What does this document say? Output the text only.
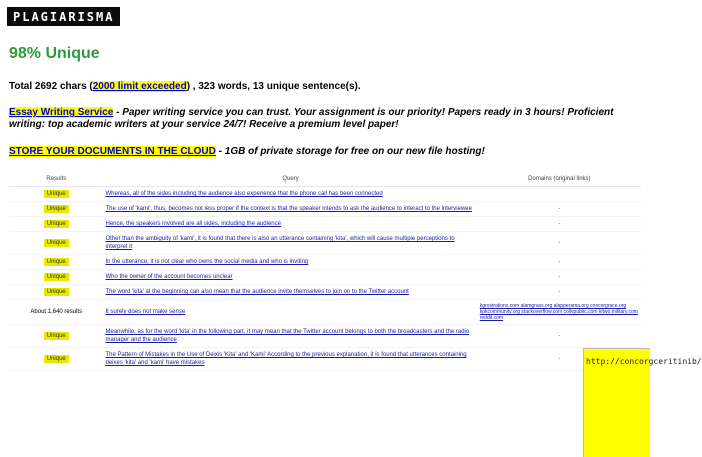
PLAGIARISMA
98% Unique
Total 2692 chars (2000 limit exceeded) , 323 words, 13 unique sentence(s).
Essay Writing Service - Paper writing service you can trust. Your assignment is our priority! Papers ready in 3 hours! Proficient writing: top academic writers at your service 24/7! Receive a premium level paper!
STORE YOUR DOCUMENTS IN THE CLOUD - 1GB of private storage for free on our new file hosting!
Results	Query	Domains (original links)
Unique	Whereas, all of the sides including the audience also experience that the phone call has been connected	

Unique	The use of 'kami', thus, becomes not less proper if the context is that the speaker intends to ask the audience to interact to the interviewee	-

Unique	Hence, the speakers involved are all sides, including the audience	-

Unique	Other than the ambiguity of 'kami', it is found that there is also an utterance containing 'kita', which will cause multiple perceptions to interpret it	-

Unique	In the utterance, it is not clear who owns the social media and who is inviting	-

Unique	Who the owner of the account becomes unclear	-

Unique	The word 'kita' at the beginning can also mean that the audience invite themselves to join on to the Twitter account	-

About 1,640 results	It surely does not make sense	kgrostrations.com alamgrass.org alapperama.org concorgrace.org kpkcommunity.org stackoverflow.com collvpublic.com kitwo.military.com reddit.com

Unique	Meanwhile, as for the word 'kita' in the following part, it may mean that the Twitter account belongs to both the broadcasters and the radio manager and the audience	-

Unique	The Pattern of Mistakes in the Use of Deixis 'Kita' and 'Kami' According to the previous explanation, it is found that utterances containing deixes 'kita' and 'kami' have mistakes	-	http://concorgceritinib/
